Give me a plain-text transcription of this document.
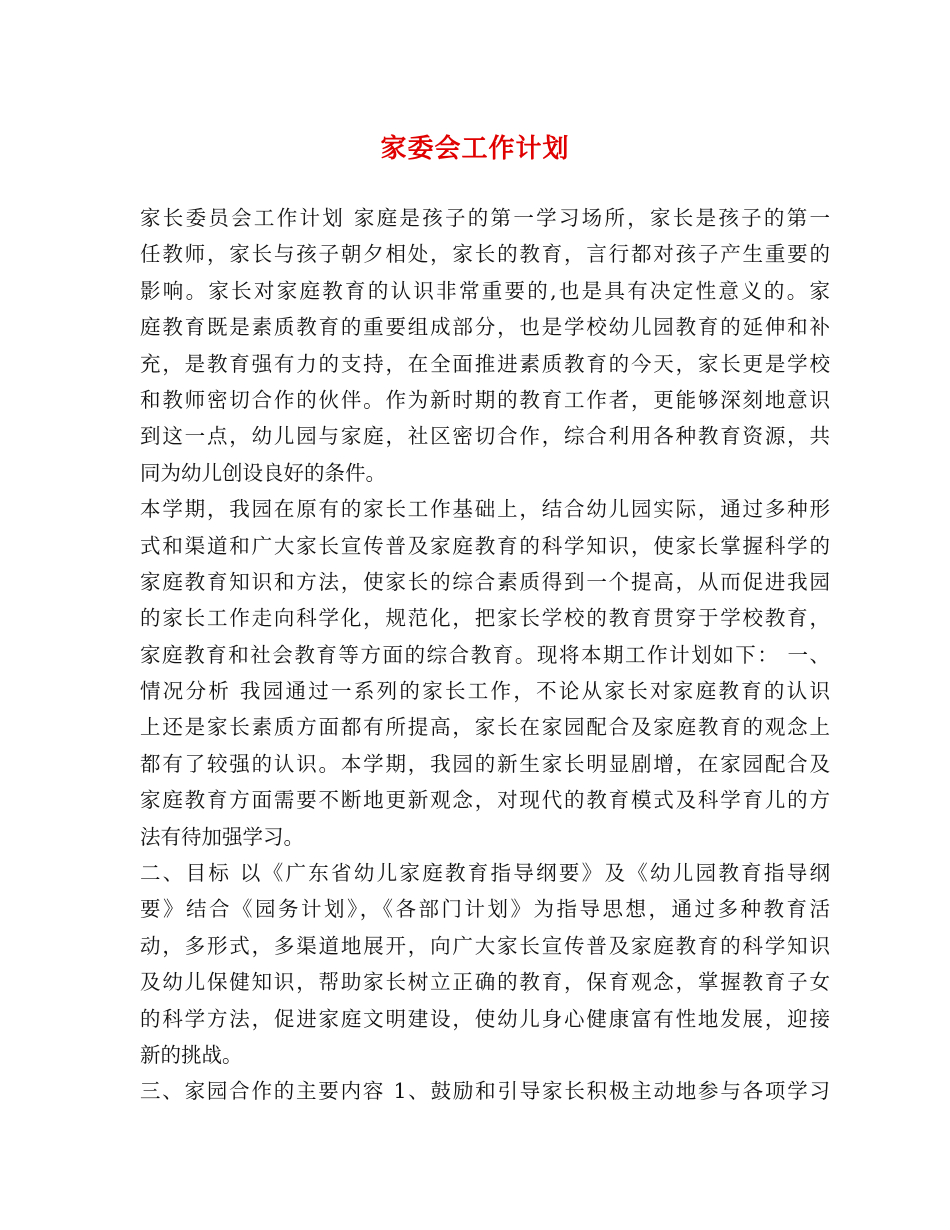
家委会工作计划
家长委员会工作计划 家庭是孩子的第一学习场所，家长是孩子的第一
任教师，家长与孩子朝夕相处，家长的教育，言行都对孩子产生重要的
影响。家长对家庭教育的认识非常重要的,也是具有决定性意义的。家
庭教育既是素质教育的重要组成部分，也是学校幼儿园教育的延伸和补
充，是教育强有力的支持，在全面推进素质教育的今天，家长更是学校
和教师密切合作的伙伴。作为新时期的教育工作者，更能够深刻地意识
到这一点，幼儿园与家庭，社区密切合作，综合利用各种教育资源，共
同为幼儿创设良好的条件。
本学期，我园在原有的家长工作基础上，结合幼儿园实际，通过多种形
式和渠道和广大家长宣传普及家庭教育的科学知识，使家长掌握科学的
家庭教育知识和方法，使家长的综合素质得到一个提高，从而促进我园
的家长工作走向科学化，规范化，把家长学校的教育贯穿于学校教育，
家庭教育和社会教育等方面的综合教育。现将本期工作计划如下： 一、
情况分析 我园通过一系列的家长工作，不论从家长对家庭教育的认识
上还是家长素质方面都有所提高，家长在家园配合及家庭教育的观念上
都有了较强的认识。本学期，我园的新生家长明显剧增，在家园配合及
家庭教育方面需要不断地更新观念，对现代的教育模式及科学育儿的方
法有待加强学习。
二、目标 以《广东省幼儿家庭教育指导纲要》及《幼儿园教育指导纲
要》结合《园务计划》，《各部门计划》为指导思想，通过多种教育活
动，多形式，多渠道地展开，向广大家长宣传普及家庭教育的科学知识
及幼儿保健知识，帮助家长树立正确的教育，保育观念，掌握教育子女
的科学方法，促进家庭文明建设，使幼儿身心健康富有性地发展，迎接
新的挑战。
三、家园合作的主要内容 1、鼓励和引导家长积极主动地参与各项学习
